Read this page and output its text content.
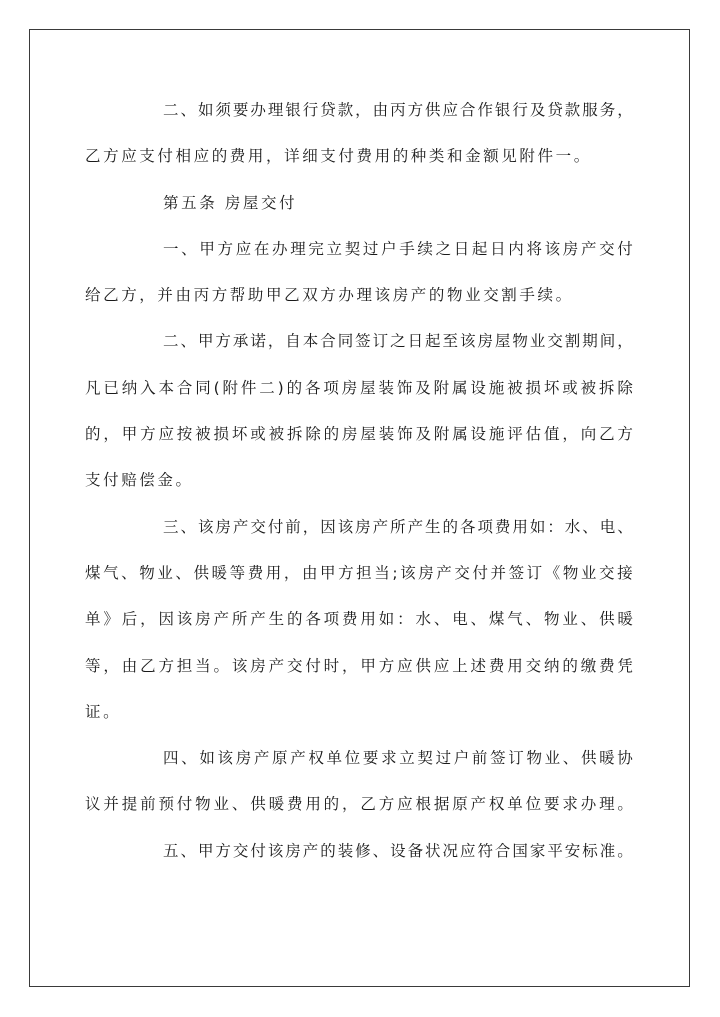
二 、 如 须 要 办 理 银 行 贷 款 ， 由 丙 方 供 应 合 作 银 行 及 贷 款 服 务 ，
乙方应支付相应的费用，详细支付费用的种类和金额见附件一。
第五条 房屋交付
一 、 甲 方 应 在 办 理 完 立 契 过 户 手 续 之 日 起 日 内 将 该 房 产 交 付
给乙方，并由丙方帮助甲乙双方办理该房产的物业交割手续。
二 、 甲 方 承 诺 ， 自 本 合 同 签 订 之 日 起 至 该 房 屋 物 业 交 割 期 间 ，
凡 已 纳 入 本 合 同 ( 附 件 二 ) 的 各 项 房 屋 装 饰 及 附 属 设 施 被 损 坏 或 被 拆 除
的 ， 甲 方 应 按 被 损 坏 或 被 拆 除 的 房 屋 装 饰 及 附 属 设 施 评 估 值 ， 向 乙 方
支付赔偿金。
三 、 该 房 产 交 付 前 ， 因 该 房 产 所 产 生 的 各 项 费 用 如 ： 水 、 电 、
煤 气 、 物 业 、 供 暖 等 费 用 ， 由 甲 方 担 当 ; 该 房 产 交 付 并 签 订 《 物 业 交 接
单 》 后 ， 因 该 房 产 所 产 生 的 各 项 费 用 如 ： 水 、 电 、 煤 气 、 物 业 、 供 暖
等 ， 由 乙 方 担 当 。 该 房 产 交 付 时 ， 甲 方 应 供 应 上 述 费 用 交 纳 的 缴 费 凭
证。
四 、 如 该 房 产 原 产 权 单 位 要 求 立 契 过 户 前 签 订 物 业 、 供 暖 协
议 并 提 前 预 付 物 业 、 供 暖 费 用 的 ， 乙 方 应 根 据 原 产 权 单 位 要 求 办 理 。
五 、 甲 方 交 付 该 房 产 的 装 修 、 设 备 状 况 应 符 合 国 家 平 安 标 准 。
